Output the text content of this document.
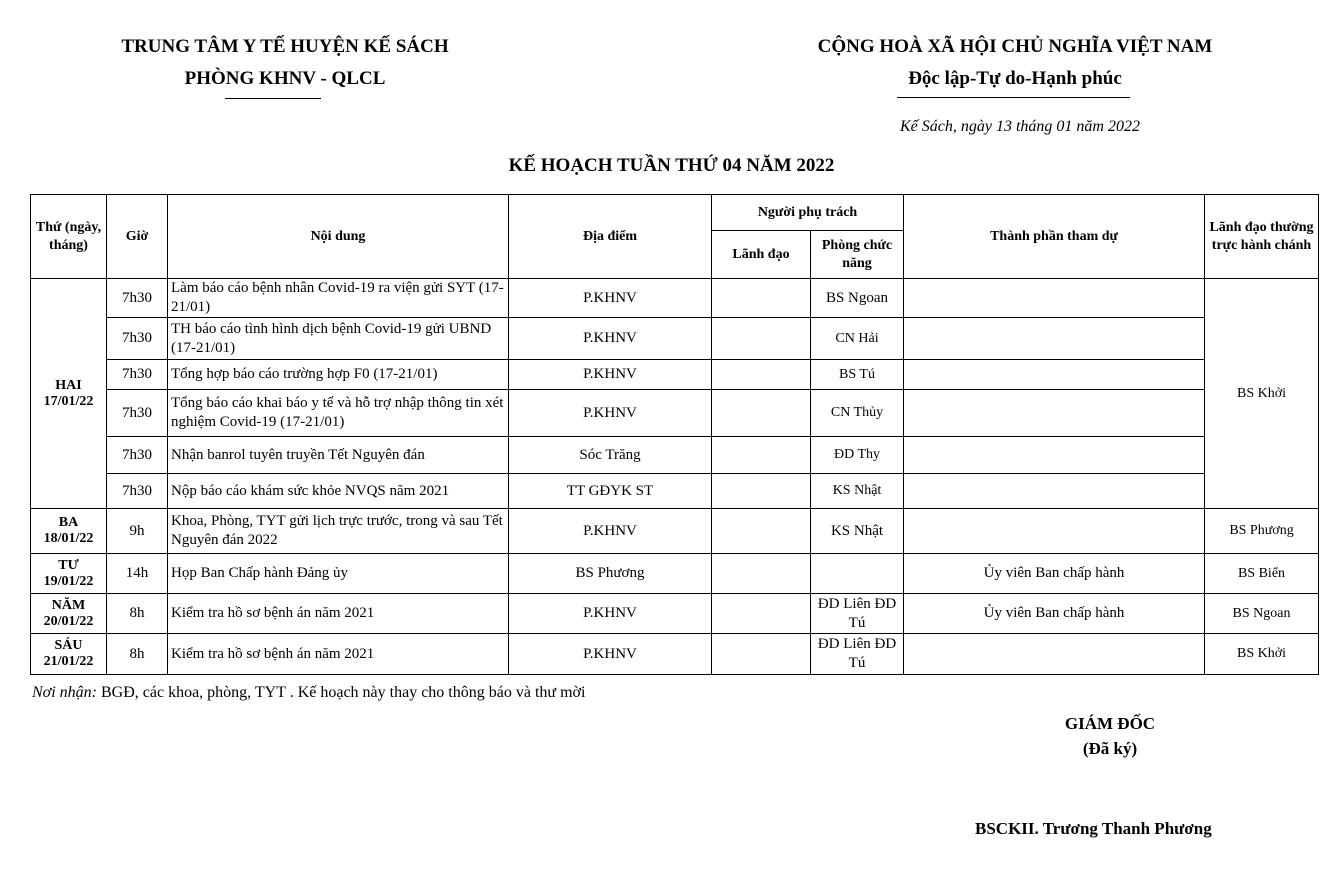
TRUNG TÂM Y TẾ HUYỆN KẾ SÁCH
PHÒNG KHNV - QLCL
CỘNG HOÀ XÃ HỘI CHỦ NGHĨA VIỆT NAM
Độc lập-Tự do-Hạnh phúc
Kế Sách, ngày 13 tháng 01 năm 2022
KẾ HOẠCH TUẦN THỨ 04 NĂM 2022
Thứ (ngày, tháng)	Giờ	Nội dung	Địa điểm	Người phụ trách		Thành phần tham dự	Lãnh đạo thường trực hành chánh
				Lãnh đạo	Phòng chức năng		

HAI
17/01/22	7h30	Làm báo cáo bệnh nhân Covid-19 ra viện gửi SYT (17-21/01)	P.KHNV		BS Ngoan		BS Khởi
	7h30	TH báo cáo tình hình dịch bệnh Covid-19 gửi UBND (17-21/01)	P.KHNV		CN Hải		
	7h30	Tổng hợp báo cáo trường hợp F0 (17-21/01)	P.KHNV		BS Tú		
	7h30	Tổng báo cáo khai báo y tế và hỗ trợ nhập thông tin xét nghiệm Covid-19 (17-21/01)	P.KHNV		CN Thủy		
	7h30	Nhận banrol tuyên truyền Tết Nguyên đán	Sóc Trăng		ĐD Thy		
	7h30	Nộp báo cáo khám sức khỏe NVQS năm 2021	TT GĐYK ST		KS Nhật		

BA
18/01/22	9h	Khoa, Phòng, TYT gửi lịch trực trước, trong và sau Tết Nguyên đán 2022	P.KHNV		KS Nhật		BS Phương

TƯ
19/01/22	14h	Họp Ban Chấp hành Đảng ủy	BS Phương			Ủy viên Ban chấp hành	BS Biển

NĂM
20/01/22	8h	Kiểm tra hồ sơ bệnh án năm 2021	P.KHNV		ĐD Liên ĐD Tú	Ủy viên Ban chấp hành	BS Ngoan

SÁU
21/01/22	8h	Kiểm tra hồ sơ bệnh án năm 2021	P.KHNV		ĐD Liên ĐD Tú		BS Khởi
Nơi nhận: BGĐ, các khoa, phòng, TYT . Kế hoạch này thay cho thông báo và thư mời
GIÁM ĐỐC
(Đã ký)
BSCKII. Trương Thanh Phương
